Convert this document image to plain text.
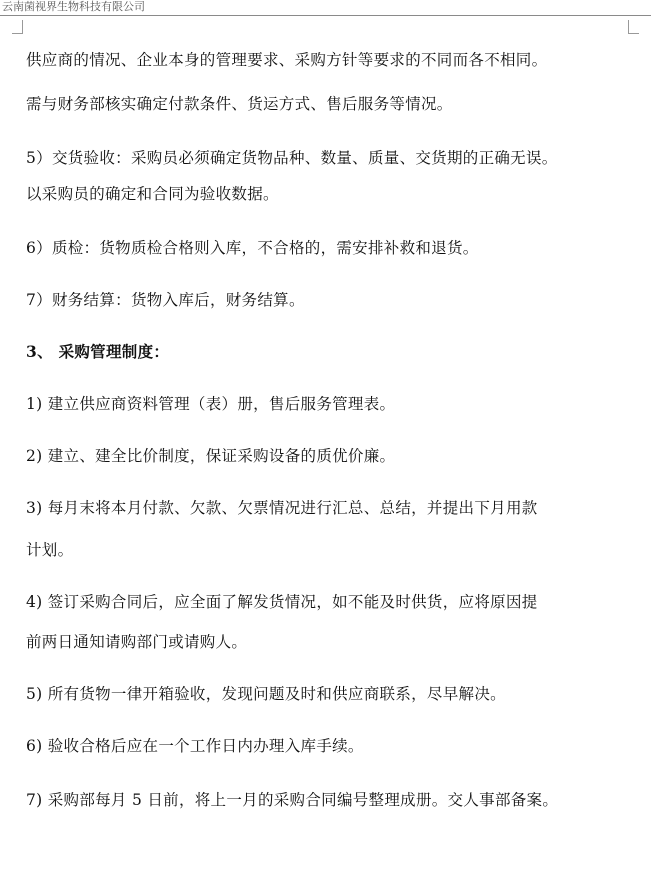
云南菌视界生物科技有限公司
供应商的情况、企业本身的管理要求、采购方针等要求的不同而各不相同。
需与财务部核实确定付款条件、货运方式、售后服务等情况。
5）交货验收：采购员必须确定货物品种、数量、质量、交货期的正确无误。
以采购员的确定和合同为验收数据。
6）质检：货物质检合格则入库，不合格的，需安排补救和退货。
7）财务结算：货物入库后，财务结算。
3、 采购管理制度：
1) 建立供应商资料管理（表）册，售后服务管理表。
2) 建立、建全比价制度，保证采购设备的质优价廉。
3) 每月末将本月付款、欠款、欠票情况进行汇总、总结，并提出下月用款
计划。
4) 签订采购合同后，应全面了解发货情况，如不能及时供货，应将原因提
前两日通知请购部门或请购人。
5) 所有货物一律开箱验收，发现问题及时和供应商联系，尽早解决。
6) 验收合格后应在一个工作日内办理入库手续。
7) 采购部每月 5 日前，将上一月的采购合同编号整理成册。交人事部备案。
